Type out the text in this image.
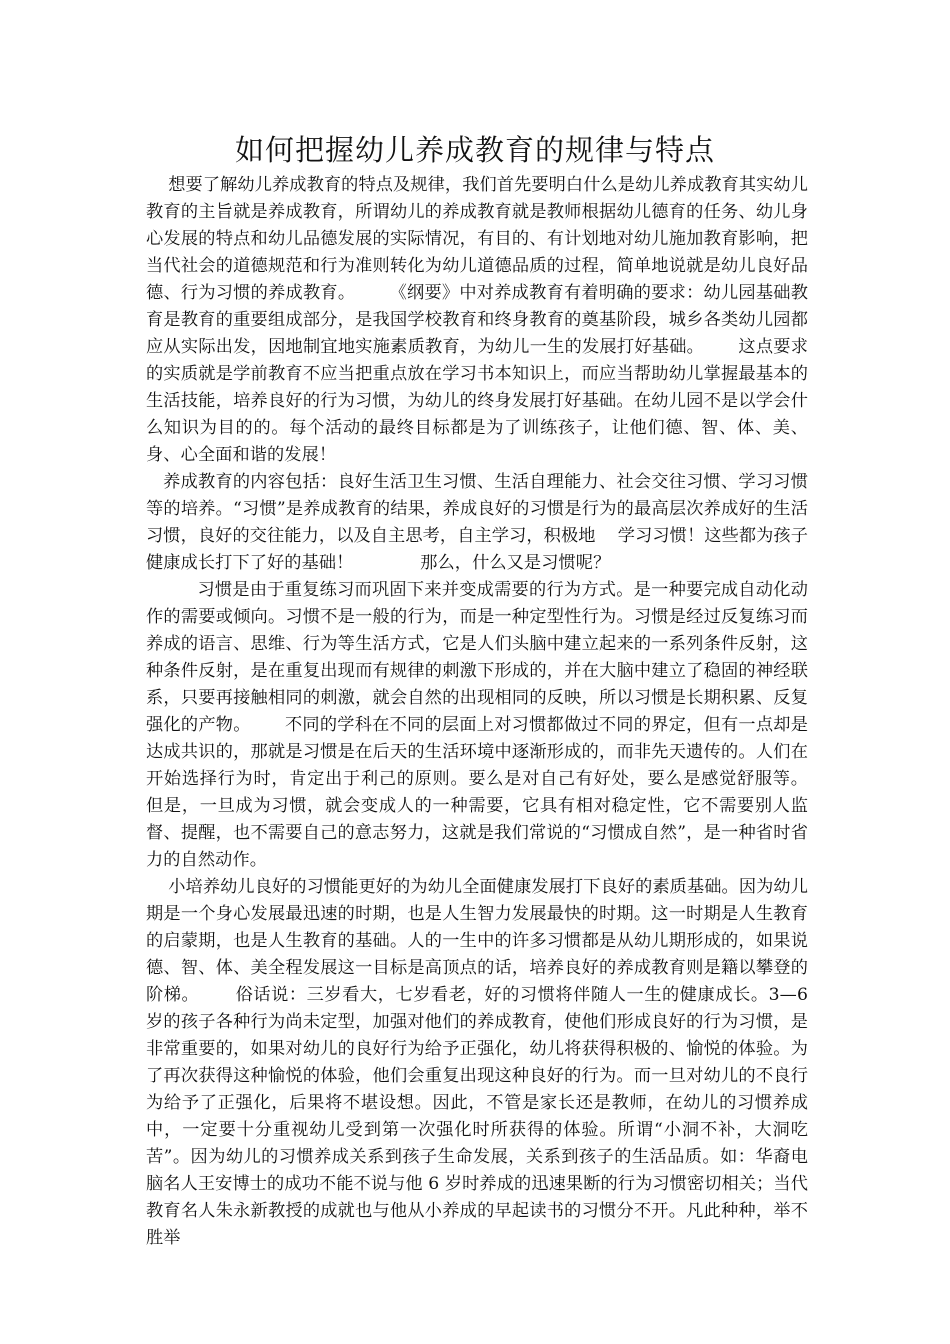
如何把握幼儿养成教育的规律与特点

想要了解幼儿养成教育的特点及规律，我们首先要明白什么是幼儿养成教育其实幼儿教育的主旨就是养成教育，所谓幼儿的养成教育就是教师根据幼儿德育的任务、幼儿身心发展的特点和幼儿品德发展的实际情况，有目的、有计划地对幼儿施加教育影响，把当代社会的道德规范和行为准则转化为幼儿道德品质的过程，简单地说就是幼儿良好品德、行为习惯的养成教育。      《纲要》中对养成教育有着明确的要求：幼儿园基础教育是教育的重要组成部分，是我国学校教育和终身教育的奠基阶段，城乡各类幼儿园都应从实际出发，因地制宜地实施素质教育，为幼儿一生的发展打好基础。      这点要求的实质就是学前教育不应当把重点放在学习书本知识上，而应当帮助幼儿掌握最基本的生活技能，培养良好的行为习惯，为幼儿的终身发展打好基础。在幼儿园不是以学会什么知识为目的的。每个活动的最终目标都是为了训练孩子，让他们德、智、体、美、身、心全面和谐的发展！

养成教育的内容包括：良好生活卫生习惯、生活自理能力、社会交往习惯、学习习惯等的培养。“习惯”是养成教育的结果，养成良好的习惯是行为的最高层次养成好的生活习惯，良好的交往能力，以及自主思考，自主学习，积极地    学习习惯！这些都为孩子健康成长打下了好的基础！            那么，什么又是习惯呢？

习惯是由于重复练习而巩固下来并变成需要的行为方式。是一种要完成自动化动作的需要或倾向。习惯不是一般的行为，而是一种定型性行为。习惯是经过反复练习而养成的语言、思维、行为等生活方式，它是人们头脑中建立起来的一系列条件反射，这种条件反射，是在重复出现而有规律的刺激下形成的，并在大脑中建立了稳固的神经联系，只要再接触相同的刺激，就会自然的出现相同的反映，所以习惯是长期积累、反复强化的产物。      不同的学科在不同的层面上对习惯都做过不同的界定，但有一点却是达成共识的，那就是习惯是在后天的生活环境中逐渐形成的，而非先天遗传的。人们在开始选择行为时，肯定出于利己的原则。要么是对自己有好处，要么是感觉舒服等。   但是，一旦成为习惯，就会变成人的一种需要，它具有相对稳定性，它不需要别人监督、提醒，也不需要自己的意志努力，这就是我们常说的“习惯成自然”，是一种省时省力的自然动作。

小培养幼儿良好的习惯能更好的为幼儿全面健康发展打下良好的素质基础。因为幼儿期是一个身心发展最迅速的时期，也是人生智力发展最快的时期。这一时期是人生教育的启蒙期，也是人生教育的基础。人的一生中的许多习惯都是从幼儿期形成的，如果说德、智、体、美全程发展这一目标是高顶点的话，培养良好的养成教育则是籍以攀登的阶梯。      俗话说：三岁看大，七岁看老，好的习惯将伴随人一生的健康成长。3—6 岁的孩子各种行为尚未定型，加强对他们的养成教育，使他们形成良好的行为习惯，是非常重要的，如果对幼儿的良好行为给予正强化，幼儿将获得积极的、愉悦的体验。为了再次获得这种愉悦的体验，他们会重复出现这种良好的行为。而一旦对幼儿的不良行为给予了正强化，后果将不堪设想。因此，不管是家长还是教师，在幼儿的习惯养成中，一定要十分重视幼儿受到第一次强化时所获得的体验。所谓“小洞不补，大洞吃苦”。因为幼儿的习惯养成关系到孩子生命发展，关系到孩子的生活品质。如：华裔电脑名人王安博士的成功不能不说与他 6 岁时养成的迅速果断的行为习惯密切相关；当代教育名人朱永新教授的成就也与他从小养成的早起读书的习惯分不开。凡此种种，举不胜举
